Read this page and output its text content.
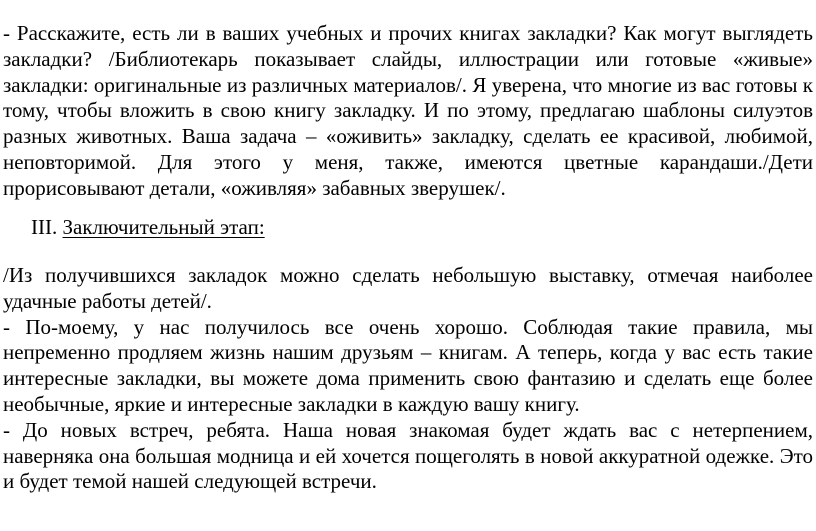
- Расскажите, есть ли в ваших учебных и прочих книгах закладки? Как могут выглядеть закладки? /Библиотекарь показывает слайды, иллюстрации или готовые «живые» закладки: оригинальные из различных материалов/. Я уверена, что многие из вас готовы к тому, чтобы вложить в свою книгу закладку. И по этому, предлагаю шаблоны силуэтов разных животных. Ваша задача – «оживить» закладку, сделать ее красивой, любимой, неповторимой. Для этого у меня, также, имеются цветные карандаши./Дети прорисовывают детали, «оживляя» забавных зверушек/.

III. Заключительный этап:

/Из получившихся закладок можно сделать небольшую выставку, отмечая наиболее удачные работы детей/.

- По-моему, у нас получилось все очень хорошо. Соблюдая такие правила, мы непременно продляем жизнь нашим друзьям – книгам. А теперь, когда у вас есть такие интересные закладки, вы можете дома применить свою фантазию и сделать еще более необычные, яркие и интересные закладки в каждую вашу книгу.

- До новых встреч, ребята. Наша новая знакомая будет ждать вас с нетерпением, наверняка она большая модница и ей хочется пощеголять в новой аккуратной одежке. Это и будет темой нашей следующей встречи.
